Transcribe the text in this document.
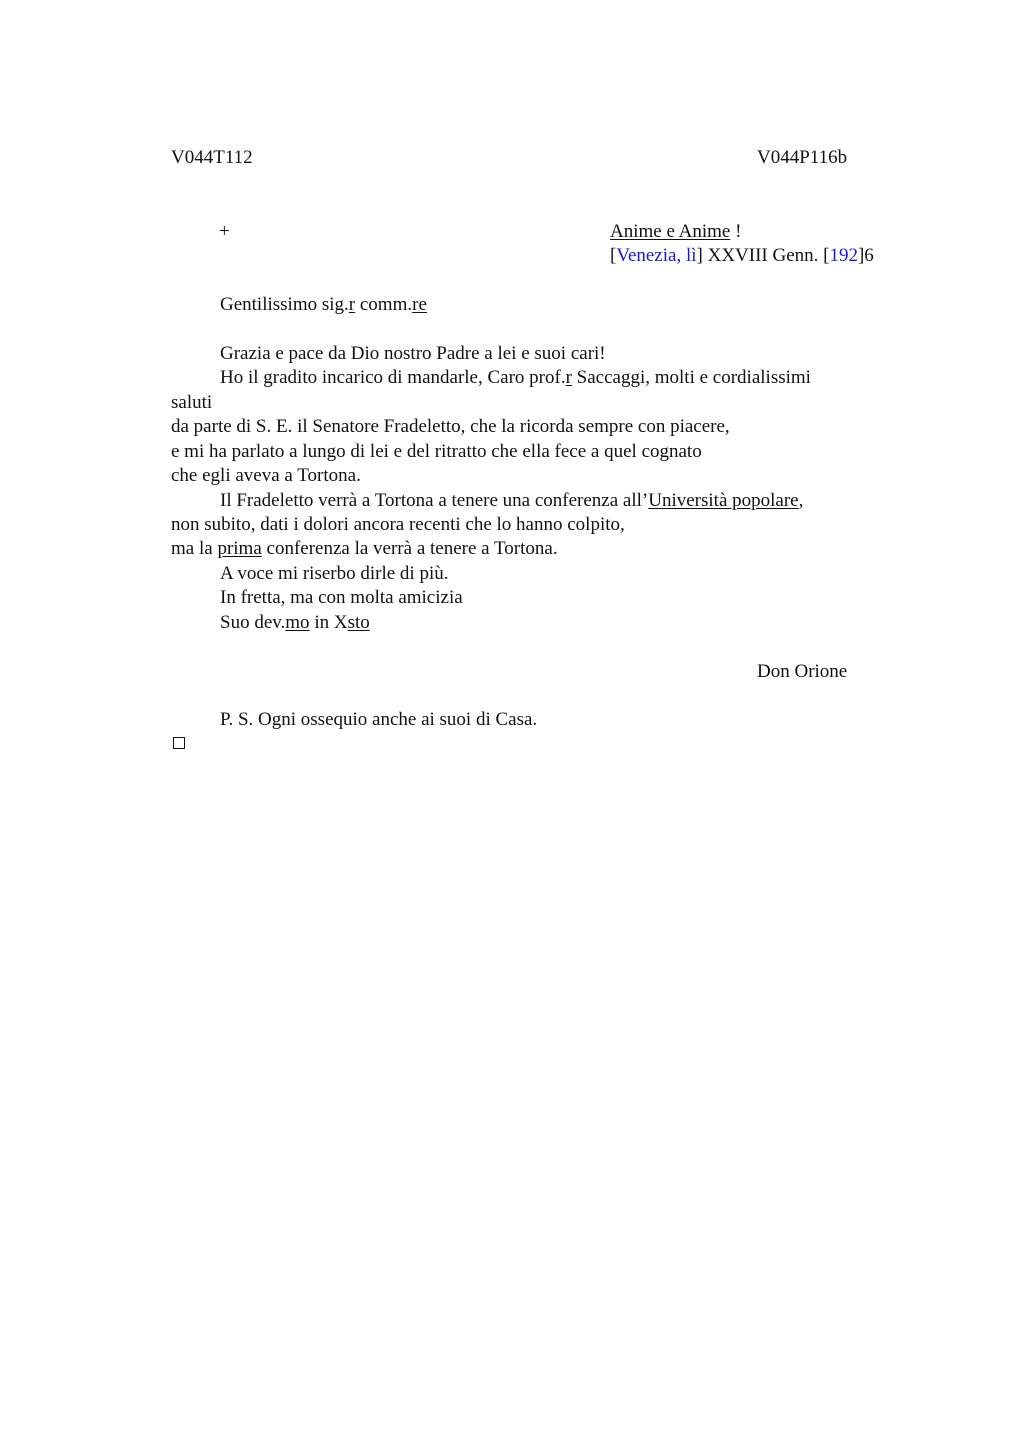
V044T112	V044P116b
+	Anime e Anime !
[Venezia, lì] XXVIII Genn. [192]6
Gentilissimo sig.r comm.re
Grazia e pace da Dio nostro Padre a lei e suoi cari!
Ho il gradito incarico di mandarle, Caro prof.r Saccaggi, molti e cordialissimi
saluti
da parte di S. E. il Senatore Fradeletto, che la ricorda sempre con piacere,
e mi ha parlato a lungo di lei e del ritratto che ella fece a quel cognato
che egli aveva a Tortona.
Il Fradeletto verrà a Tortona a tenere una conferenza all’Università popolare,
non subito, dati i dolori ancora recenti che lo hanno colpito,
ma la prima conferenza la verrà a tenere a Tortona.
A voce mi riserbo dirle di più.
In fretta, ma con molta amicizia
Suo dev.mo in Xsto
Don Orione
P. S. Ogni ossequio anche ai suoi di Casa.
